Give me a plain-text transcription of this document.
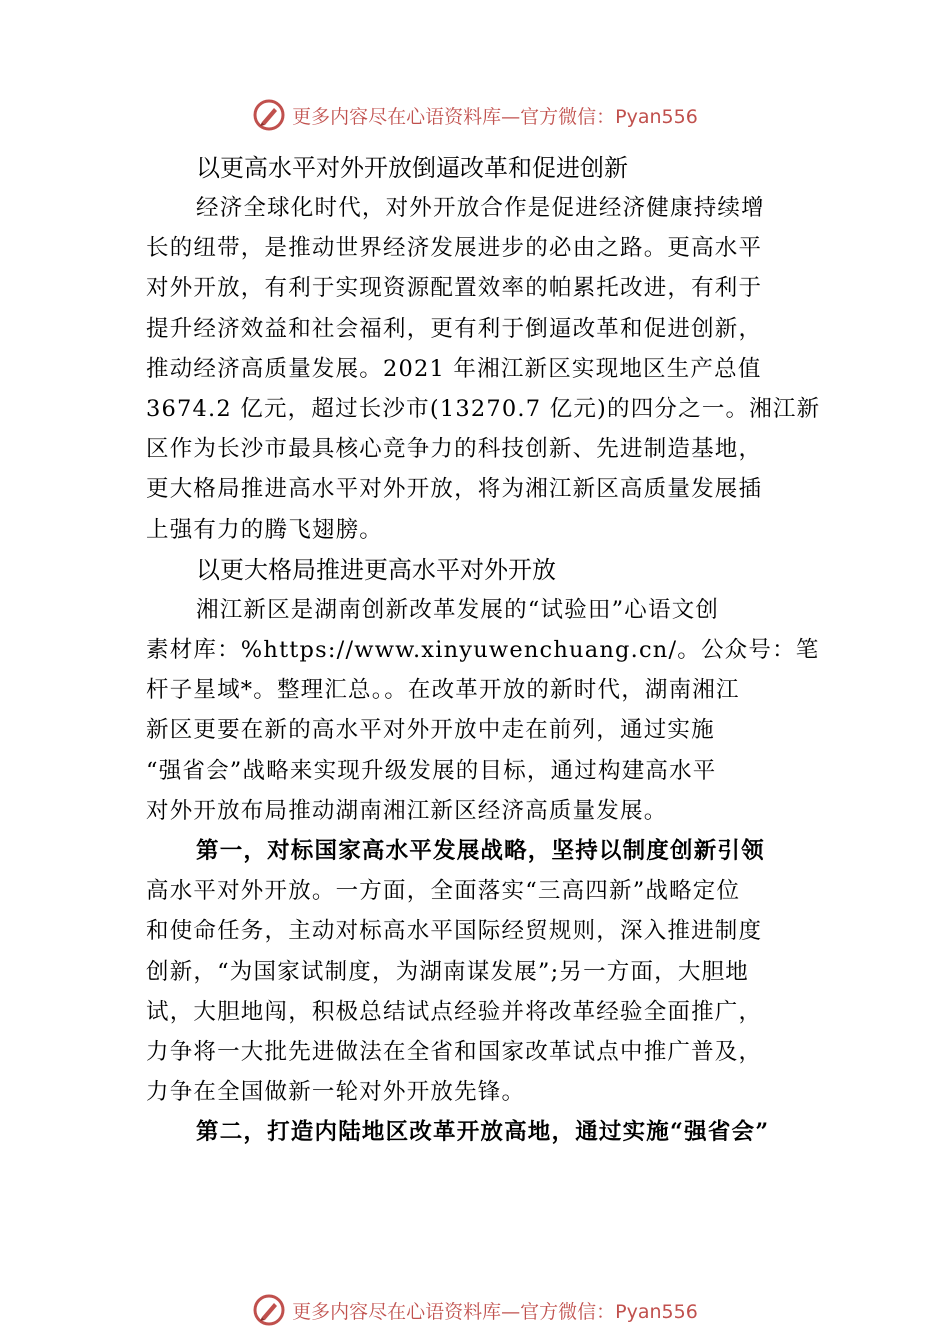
更多内容尽在心语资料库—官方微信：Pyan556

以更高水平对外开放倒逼改革和促进创新

经济全球化时代，对外开放合作是促进经济健康持续增
长的纽带，是推动世界经济发展进步的必由之路。更高水平
对外开放，有利于实现资源配置效率的帕累托改进，有利于
提升经济效益和社会福利，更有利于倒逼改革和促进创新，
推动经济高质量发展。2021 年湘江新区实现地区生产总值
3674.2 亿元，超过长沙市(13270.7 亿元)的四分之一。湘江新
区作为长沙市最具核心竞争力的科技创新、先进制造基地，
更大格局推进高水平对外开放，将为湘江新区高质量发展插
上强有力的腾飞翅膀。

以更大格局推进更高水平对外开放

湘江新区是湖南创新改革发展的“试验田”心语文创
素材库：%https://www.xinyuwenchuang.cn/。公众号：笔
杆子星域*。整理汇总。。在改革开放的新时代，湖南湘江
新区更要在新的高水平对外开放中走在前列，通过实施
“强省会”战略来实现升级发展的目标，通过构建高水平
对外开放布局推动湖南湘江新区经济高质量发展。

第一，对标国家高水平发展战略，坚持以制度创新引领
高水平对外开放。一方面，全面落实“三高四新”战略定位
和使命任务，主动对标高水平国际经贸规则，深入推进制度
创新，“为国家试制度，为湖南谋发展”;另一方面，大胆地
试，大胆地闯，积极总结试点经验并将改革经验全面推广，
力争将一大批先进做法在全省和国家改革试点中推广普及，
力争在全国做新一轮对外开放先锋。

第二，打造内陆地区改革开放高地，通过实施“强省会”

更多内容尽在心语资料库—官方微信：Pyan556
